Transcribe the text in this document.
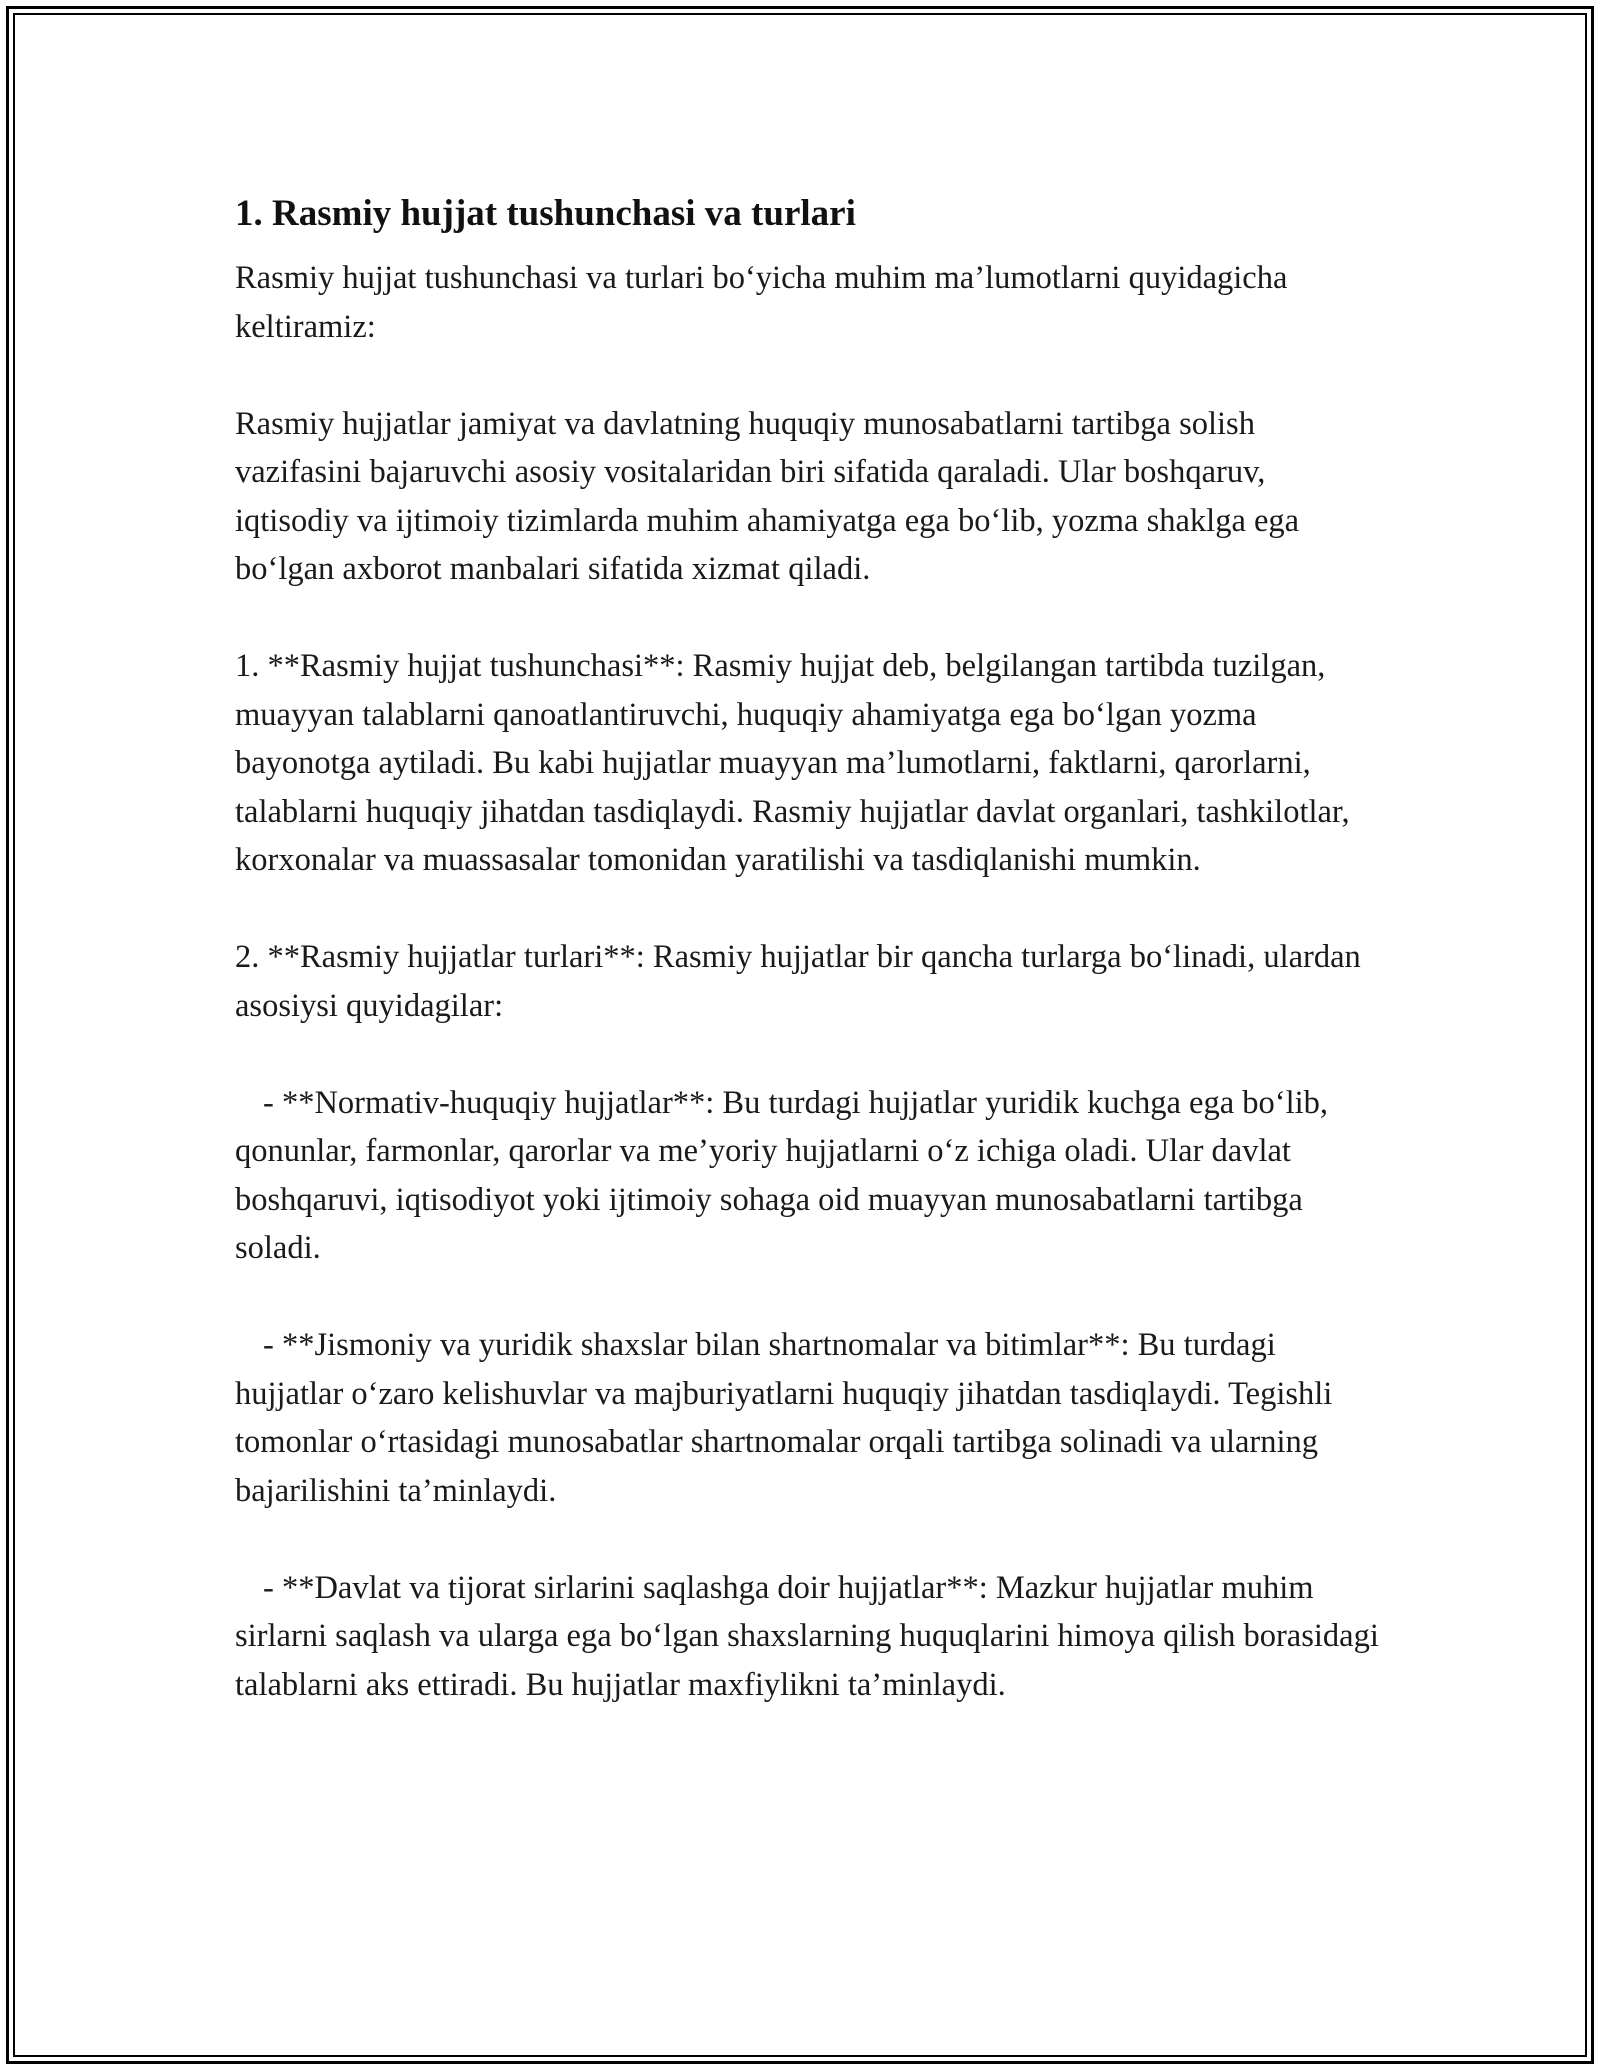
1. Rasmiy hujjat tushunchasi va turlari

Rasmiy hujjat tushunchasi va turlari bo‘yicha muhim ma’lumotlarni quyidagicha keltiramiz:

Rasmiy hujjatlar jamiyat va davlatning huquqiy munosabatlarni tartibga solish vazifasini bajaruvchi asosiy vositalaridan biri sifatida qaraladi. Ular boshqaruv, iqtisodiy va ijtimoiy tizimlarda muhim ahamiyatga ega bo‘lib, yozma shaklga ega bo‘lgan axborot manbalari sifatida xizmat qiladi.

1. **Rasmiy hujjat tushunchasi**: Rasmiy hujjat deb, belgilangan tartibda tuzilgan, muayyan talablarni qanoatlantiruvchi, huquqiy ahamiyatga ega bo‘lgan yozma bayonotga aytiladi. Bu kabi hujjatlar muayyan ma’lumotlarni, faktlarni, qarorlarni, talablarni huquqiy jihatdan tasdiqlaydi. Rasmiy hujjatlar davlat organlari, tashkilotlar, korxonalar va muassasalar tomonidan yaratilishi va tasdiqlanishi mumkin.

2. **Rasmiy hujjatlar turlari**: Rasmiy hujjatlar bir qancha turlarga bo‘linadi, ulardan asosiysi quyidagilar:

- **Normativ-huquqiy hujjatlar**: Bu turdagi hujjatlar yuridik kuchga ega bo‘lib, qonunlar, farmonlar, qarorlar va me’yoriy hujjatlarni o‘z ichiga oladi. Ular davlat boshqaruvi, iqtisodiyot yoki ijtimoiy sohaga oid muayyan munosabatlarni tartibga soladi.

- **Jismoniy va yuridik shaxslar bilan shartnomalar va bitimlar**: Bu turdagi hujjatlar o‘zaro kelishuvlar va majburiyatlarni huquqiy jihatdan tasdiqlaydi. Tegishli tomonlar o‘rtasidagi munosabatlar shartnomalar orqali tartibga solinadi va ularning bajarilishini ta’minlaydi.

- **Davlat va tijorat sirlarini saqlashga doir hujjatlar**: Mazkur hujjatlar muhim sirlarni saqlash va ularga ega bo‘lgan shaxslarning huquqlarini himoya qilish borasidagi talablarni aks ettiradi. Bu hujjatlar maxfiylikni ta’minlaydi.
